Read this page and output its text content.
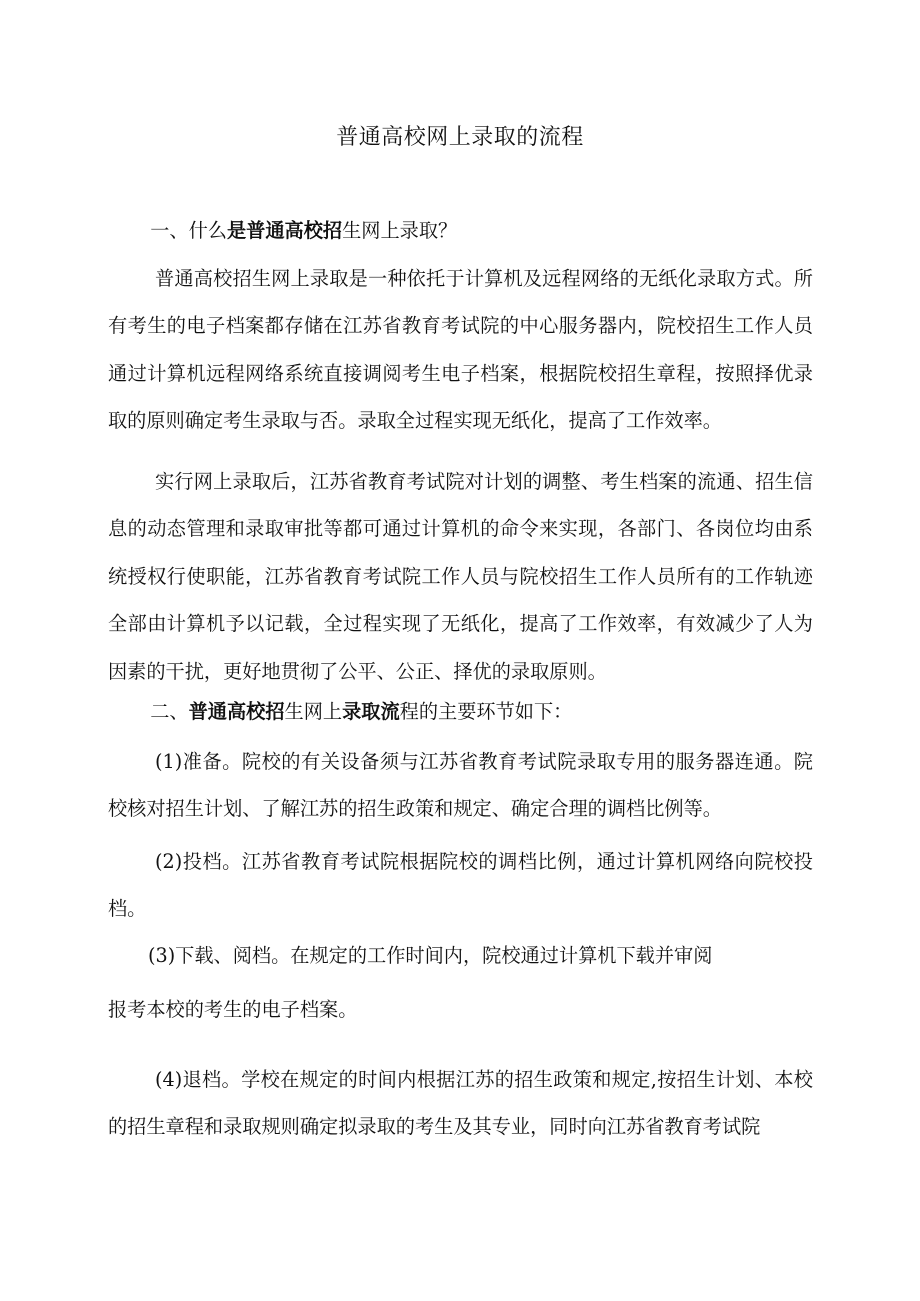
普通高校网上录取的流程
一、什么是普通高校招生网上录取？
普通高校招生网上录取是一种依托于计算机及远程网络的无纸化录取方式。所有考生的电子档案都存储在江苏省教育考试院的中心服务器内，院校招生工作人员通过计算机远程网络系统直接调阅考生电子档案，根据院校招生章程，按照择优录取的原则确定考生录取与否。录取全过程实现无纸化，提高了工作效率。
实行网上录取后，江苏省教育考试院对计划的调整、考生档案的流通、招生信息的动态管理和录取审批等都可通过计算机的命令来实现，各部门、各岗位均由系统授权行使职能，江苏省教育考试院工作人员与院校招生工作人员所有的工作轨迹全部由计算机予以记载，全过程实现了无纸化，提高了工作效率，有效减少了人为因素的干扰，更好地贯彻了公平、公正、择优的录取原则。
二、普通高校招生网上录取流程的主要环节如下：
(1)准备。院校的有关设备须与江苏省教育考试院录取专用的服务器连通。院校核对招生计划、了解江苏的招生政策和规定、确定合理的调档比例等。
(2)投档。江苏省教育考试院根据院校的调档比例，通过计算机网络向院校投档。
(3)下载、阅档。在规定的工作时间内，院校通过计算机下载并审阅
报考本校的考生的电子档案。
(4)退档。学校在规定的时间内根据江苏的招生政策和规定,按招生计划、本校的招生章程和录取规则确定拟录取的考生及其专业，同时向江苏省教育考试院
